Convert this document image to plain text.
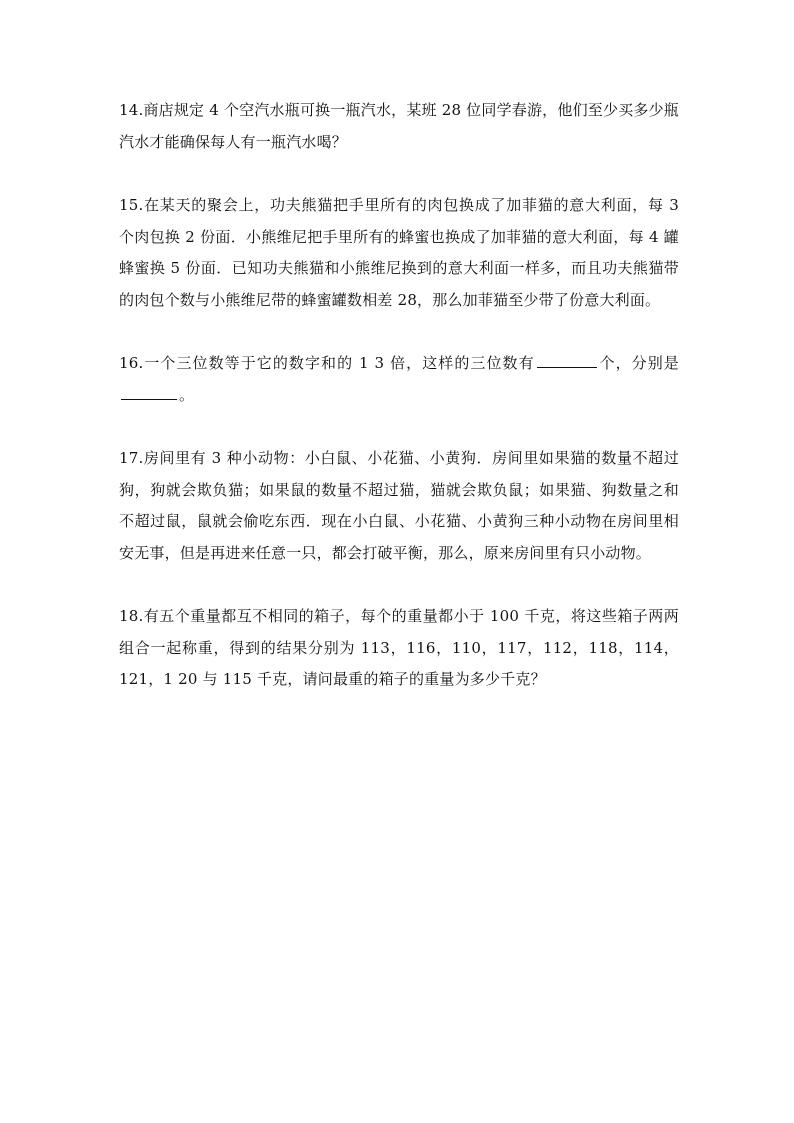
14.商店规定 4 个空汽水瓶可换一瓶汽水，某班 28 位同学春游，他们至少买多少瓶汽水才能确保每人有一瓶汽水喝？

15.在某天的聚会上，功夫熊猫把手里所有的肉包换成了加菲猫的意大利面，每 3 个肉包换 2 份面．小熊维尼把手里所有的蜂蜜也换成了加菲猫的意大利面，每 4 罐蜂蜜换 5 份面．已知功夫熊猫和小熊维尼换到的意大利面一样多，而且功夫熊猫带的肉包个数与小熊维尼带的蜂蜜罐数相差 28，那么加菲猫至少带了份意大利面。

16.一个三位数等于它的数字和的 1 3 倍，这样的三位数有	个，分别是。

17.房间里有 3 种小动物：小白鼠、小花猫、小黄狗．房间里如果猫的数量不超过狗，狗就会欺负猫；如果鼠的数量不超过猫，猫就会欺负鼠；如果猫、狗数量之和不超过鼠，鼠就会偷吃东西．现在小白鼠、小花猫、小黄狗三种小动物在房间里相安无事，但是再进来任意一只，都会打破平衡，那么，原来房间里有只小动物。

18.有五个重量都互不相同的箱子，每个的重量都小于 100 千克，将这些箱子两两组合一起称重，得到的结果分别为 113，116，110，117，112，118，114，121，1 20 与 115 千克，请问最重的箱子的重量为多少千克？
